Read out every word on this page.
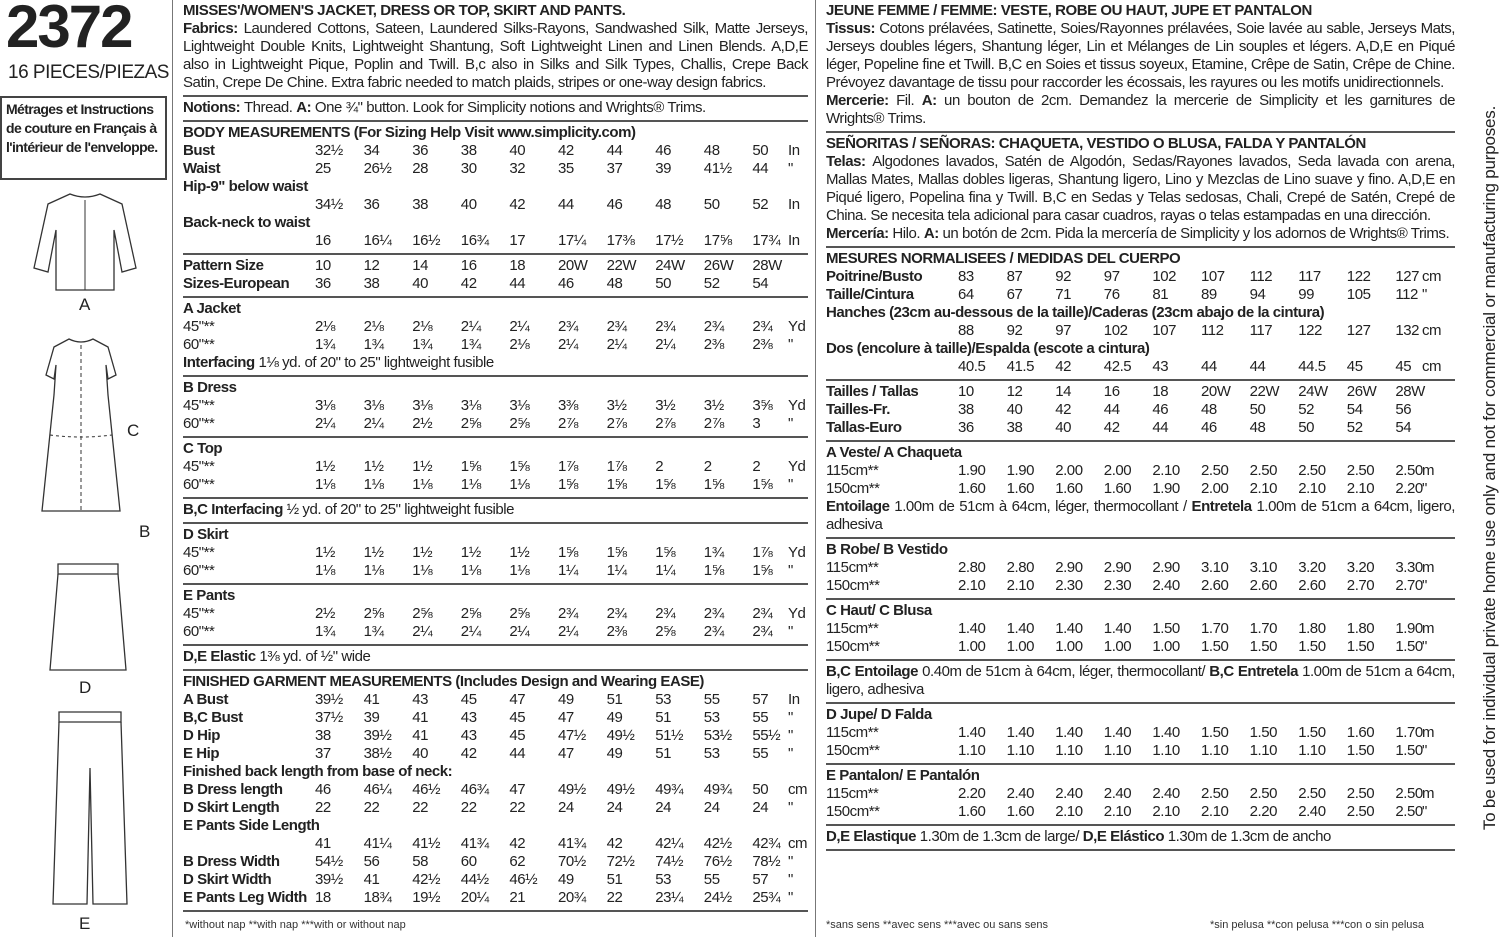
2372
16 PIECES/PIEZAS
Métrages et Instructions de couture en Français à l'intérieur de l'enveloppe.
A
C
B
D
E
MISSES'/WOMEN'S JACKET, DRESS OR TOP, SKIRT AND PANTS.
Fabrics: Laundered Cottons, Sateen, Laundered Silks-Rayons, Sandwashed Silk, Matte Jerseys, Lightweight Double Knits, Lightweight Shantung, Soft Lightweight Linen and Linen Blends. A,D,E also in Lightweight Pique, Poplin and Twill. B,c also in Silks and Silk Types, Challis, Crepe Back Satin, Crepe De Chine. Extra fabric needed to match plaids, stripes or one-way design fabrics.
Notions: Thread. A: One ¾" button. Look for Simplicity notions and Wrights® Trims.
BODY MEASUREMENTS (For Sizing Help Visit www.simplicity.com)
Bust	32½ 34 36 38 40 42 44 46 48 50 In
Waist	25 26½ 28 30 32 35 37 39 41½ 44 "
Hip-9" below waist
34½ 36 38 40 42 44 46 48 50 52 In
Back-neck to waist
16 16¼ 16½ 16¾ 17 17¼ 17⅜ 17½ 17⅝ 17¾ In
Pattern Size	10 12 14 16 18 20W 22W 24W 26W 28W
Sizes-European 36 38 40 42 44 46 48 50 52 54
A Jacket
45"**	2⅛ 2⅛ 2⅛ 2¼ 2¼ 2¾ 2¾ 2¾ 2¾ 2¾ Yd
60"**	1¾ 1¾ 1¾ 1¾ 2⅛ 2¼ 2¼ 2¼ 2⅜ 2⅜ "
Interfacing 1⅛ yd. of 20" to 25" lightweight fusible
B Dress
45"**	3⅛ 3⅛ 3⅛ 3⅛ 3⅛ 3⅜ 3½ 3½ 3½ 3⅝ Yd
60"**	2¼ 2¼ 2½ 2⅝ 2⅝ 2⅞ 2⅞ 2⅞ 2⅞ 3 "
C Top
45"**	1½ 1½ 1½ 1⅝ 1⅝ 1⅞ 1⅞ 2	2	2 Yd
60"**	1⅛ 1⅛ 1⅛ 1⅛ 1⅛ 1⅝ 1⅝ 1⅝ 1⅝ 1⅝ "
B,C Interfacing ½ yd. of 20" to 25" lightweight fusible
D Skirt
45"**	1½ 1½ 1½ 1½ 1½ 1⅝ 1⅝ 1⅝ 1¾ 1⅞ Yd
60"**	1⅛ 1⅛ 1⅛ 1⅛ 1⅛ 1¼ 1¼ 1¼ 1⅝ 1⅝ "
E Pants
45"**	2½ 2⅝ 2⅝ 2⅝ 2⅝ 2¾ 2¾ 2¾ 2¾ 2¾ Yd
60"**	1¾ 1¾ 2¼ 2¼ 2¼ 2¼ 2⅜ 2⅝ 2¾ 2¾ "
D,E Elastic 1⅜ yd. of ½" wide
FINISHED GARMENT MEASUREMENTS (Includes Design and Wearing EASE)
A Bust	39½ 41 43 45 47 49 51 53 55 57 In
B,C Bust	37½ 39 41 43 45 47 49 51 53 55 "
D Hip	38 39½ 41 43 45 47½ 49½ 51½ 53½ 55½ "
E Hip	37 38½ 40 42 44 47 49 51 53 55 "
Finished back length from base of neck:
B Dress length 46 46¼ 46½ 46¾ 47 49½ 49½ 49¾ 49¾ 50 cm
D Skirt Length 22 22 22 22 22 24 24 24 24 24 "
E Pants Side Length
41 41¼ 41½ 41¾ 42 41¾ 42 42¼ 42½ 42¾ cm
B Dress Width 54½ 56 58 60 62 70½ 72½ 74½ 76½ 78½ "
D Skirt Width	39½ 41 42½ 44½ 46½ 49 51 53 55 57 "
E Pants Leg Width 18 18¾ 19½ 20¼ 21 20¾ 22 23¼ 24½ 25¾ "
JEUNE FEMME / FEMME: VESTE, ROBE OU HAUT, JUPE ET PANTALON
Tissus: Cotons prélavées, Satinette, Soies/Rayonnes prélavées, Soie lavée au sable, Jerseys Mats, Jerseys doubles légers, Shantung léger, Lin et Mélanges de Lin souples et légers. A,D,E en Piqué léger, Popeline fine et Twill. B,C en Soies et tissus soyeux, Etamine, Crêpe de Satin, Crêpe de Chine. Prévoyez davantage de tissu pour raccorder les écossais, les rayures ou les motifs unidirectionnels.
Mercerie: Fil. A: un bouton de 2cm. Demandez la mercerie de Simplicity et les garnitures de Wrights® Trims.
SEÑORITAS / SEÑORAS: CHAQUETA, VESTIDO O BLUSA, FALDA Y PANTALÓN
Telas: Algodones lavados, Satén de Algodón, Sedas/Rayones lavados, Seda lavada con arena, Mallas Mates, Mallas dobles ligeras, Shantung ligero, Lino y Mezclas de Lino suave y fino. A,D,E en Piqué ligero, Popelina fina y Twill. B,C en Sedas y Telas sedosas, Chali, Crepé de Satén, Crepé de China. Se necesita tela adicional para casar cuadros, rayas o telas estampadas en una dirección.
Mercería: Hilo. A: un botón de 2cm. Pida la mercería de Simplicity y los adornos de Wrights® Trims.
MESURES NORMALISEES / MEDIDAS DEL CUERPO
Poitrine/Busto 83 87 92 97 102 107 112 117 122 127 cm
Taille/Cintura	64 67 71 76 81 89 94 99 105 112 "
Hanches (23cm au-dessous de la taille)/Caderas (23cm abajo de la cintura)
88 92 97 102 107 112 117 122 127 132 cm
Dos (encolure à taille)/Espalda (escote a cintura)
40.5 41.5 42 42.5 43 44 44 44.5 45 45 cm
Tailles / Tallas	10 12 14 16 18 20W 22W 24W 26W 28W
Tailles-Fr.	38 40 42 44 46 48 50 52 54 56
Tallas-Euro	36 38 40 42 44 46 48 50 52 54
A Veste/ A Chaqueta
115cm**	1.90 1.90 2.00 2.00 2.10 2.50 2.50 2.50 2.50 2.50 m
150cm**	1.60 1.60 1.60 1.60 1.90 2.00 2.10 2.10 2.10 2.20 "
Entoilage 1.00m de 51cm à 64cm, léger, thermocollant / Entretela 1.00m de 51cm a 64cm, ligero, adhesiva
B Robe/ B Vestido
115cm**	2.80 2.80 2.90 2.90 2.90 3.10 3.10 3.20 3.20 3.30 m
150cm**	2.10 2.10 2.30 2.30 2.40 2.60 2.60 2.60 2.70 2.70 "
C Haut/ C Blusa
115cm**	1.40 1.40 1.40 1.40 1.50 1.70 1.70 1.80 1.80 1.90 m
150cm**	1.00 1.00 1.00 1.00 1.00 1.50 1.50 1.50 1.50 1.50 "
B,C Entoilage 0.40m de 51cm à 64cm, léger, thermocollant/ B,C Entretela 1.00m de 51cm a 64cm, ligero, adhesiva
D Jupe/ D Falda
115cm**	1.40 1.40 1.40 1.40 1.40 1.50 1.50 1.50 1.60 1.70 m
150cm**	1.10 1.10 1.10 1.10 1.10 1.10 1.10 1.10 1.50 1.50 "
E Pantalon/ E Pantalón
115cm**	2.20 2.40 2.40 2.40 2.40 2.50 2.50 2.50 2.50 2.50 m
150cm**	1.60 1.60 2.10 2.10 2.10 2.10 2.20 2.40 2.50 2.50 "
D,E Elastique 1.30m de 1.3cm de large/ D,E Elástico 1.30m de 1.3cm de ancho
*without nap **with nap ***with or without nap	*sans sens **avec sens ***avec ou sans sens	*sin pelusa **con pelusa ***con o sin pelusa
To be used for individual private home use only and not for commercial or manufacturing purposes.
